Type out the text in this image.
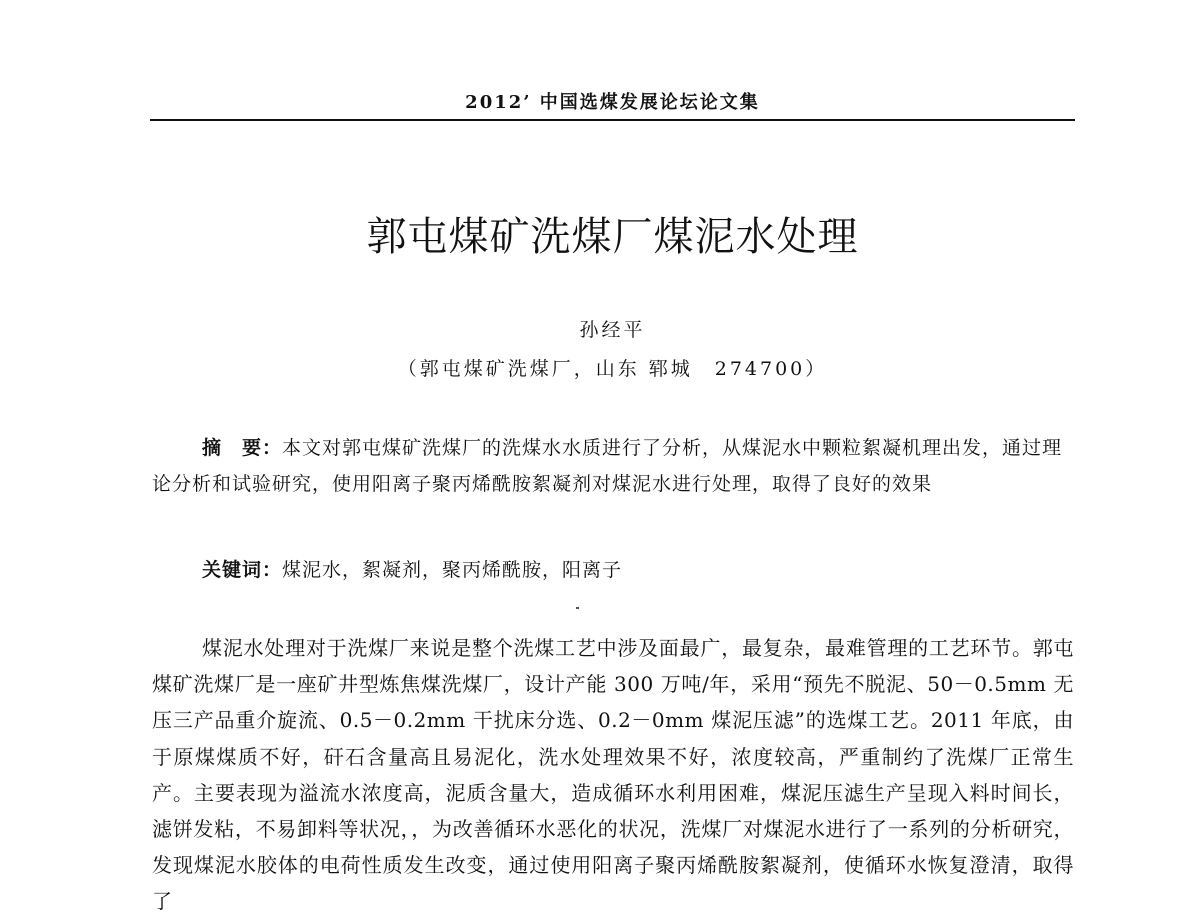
2012’ 中国选煤发展论坛论文集
郭屯煤矿洗煤厂煤泥水处理
孙经平
（郭屯煤矿洗煤厂，山东 郓城　274700）

摘　要：本文对郭屯煤矿洗煤厂的洗煤水水质进行了分析，从煤泥水中颗粒絮凝机理出发，通过理论分析和试验研究，使用阳离子聚丙烯酰胺絮凝剂对煤泥水进行处理，取得了良好的效果

关键词：煤泥水，絮凝剂，聚丙烯酰胺，阳离子

煤泥水处理对于洗煤厂来说是整个洗煤工艺中涉及面最广，最复杂，最难管理的工艺环节。郭屯煤矿洗煤厂是一座矿井型炼焦煤洗煤厂，设计产能 300 万吨/年，采用“预先不脱泥、50－0.5mm 无压三产品重介旋流、0.5－0.2mm 干扰床分选、0.2－0mm 煤泥压滤”的选煤工艺。2011 年底，由于原煤煤质不好，矸石含量高且易泥化，洗水处理效果不好，浓度较高，严重制约了洗煤厂正常生产。主要表现为溢流水浓度高，泥质含量大，造成循环水利用困难，煤泥压滤生产呈现入料时间长，滤饼发粘，不易卸料等状况，，为改善循环水恶化的状况，洗煤厂对煤泥水进行了一系列的分析研究，发现煤泥水胶体的电荷性质发生改变，通过使用阳离子聚丙烯酰胺絮凝剂，使循环水恢复澄清，取得了
